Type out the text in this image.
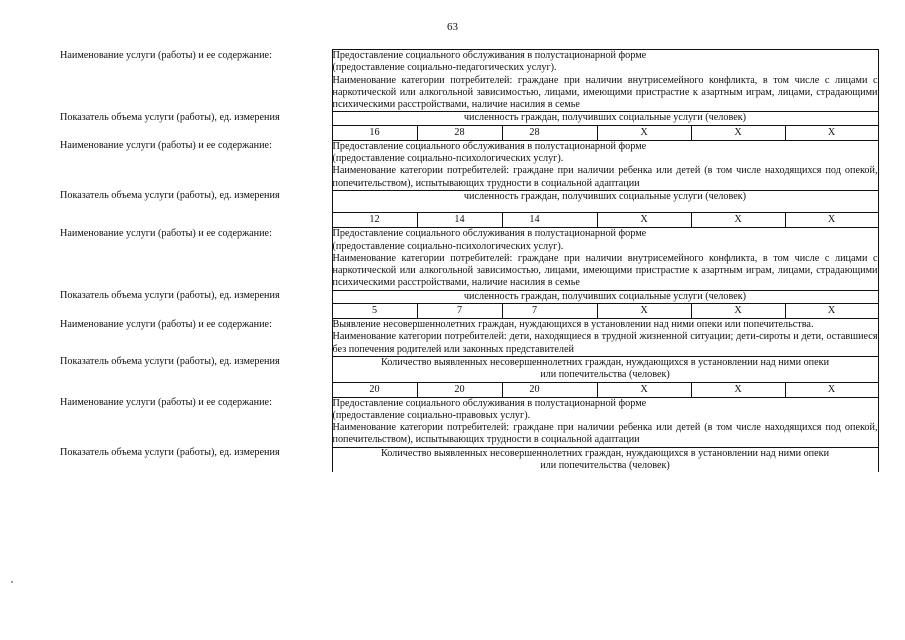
63
Наименование услуги (работы) и ее содержание:	Предоставление социального обслуживания в полустационарной форме
(предоставление социально-педагогических услуг).
Наименование категории потребителей: граждане при наличии внутрисемейного конфликта, в том числе с лицами с наркотической или алкогольной зависимостью, лицами, имеющими пристрастие к азартным играм, лицами, страдающими психическими расстройствами, наличие насилия в семье					

Показатель объема услуги (работы), ед. измерения	численность граждан, получивших социальные услуги (человек)					
	16	28	28	X	X	X
Наименование услуги (работы) и ее содержание:	Предоставление социального обслуживания в полустационарной форме
(предоставление социально-психологических услуг).
Наименование категории потребителей: граждане при наличии ребенка или детей (в том числе находящихся под опекой, попечительством), испытывающих трудности в социальной адаптации					

Показатель объема услуги (работы), ед. измерения	численность граждан, получивших социальные услуги (человек)					
	12	14	14	X	X	X
Наименование услуги (работы) и ее содержание:	Предоставление социального обслуживания в полустационарной форме
(предоставление социально-психологических услуг).
Наименование категории потребителей: граждане при наличии внутрисемейного конфликта, в том числе с лицами с наркотической или алкогольной зависимостью, лицами, имеющими пристрастие к азартным играм, лицами, страдающими психическими расстройствами, наличие насилия в семье					

Показатель объема услуги (работы), ед. измерения	численность граждан, получивших социальные услуги (человек)					
	5	7	7	X	X	X
Наименование услуги (работы) и ее содержание:	Выявление несовершеннолетних граждан, нуждающихся в установлении над ними опеки или попечительства.
Наименование категории потребителей: дети, находящиеся в трудной жизненной ситуации; дети-сироты и дети, оставшиеся без попечения родителей или законных представителей					

Показатель объема услуги (работы), ед. измерения	Количество выявленных несовершеннолетних граждан, нуждающихся в установлении над ними опеки или попечительства (человек)					
	20	20	20	X	X	X
Наименование услуги (работы) и ее содержание:	Предоставление социального обслуживания в полустационарной форме
(предоставление социально-правовых услуг).
Наименование категории потребителей: граждане при наличии ребенка или детей (в том числе находящихся под опекой, попечительством), испытывающих трудности в социальной адаптации					

Показатель объема услуги (работы), ед. измерения	Количество выявленных несовершеннолетних граждан, нуждающихся в установлении над ними опеки или попечительства (человек)					
